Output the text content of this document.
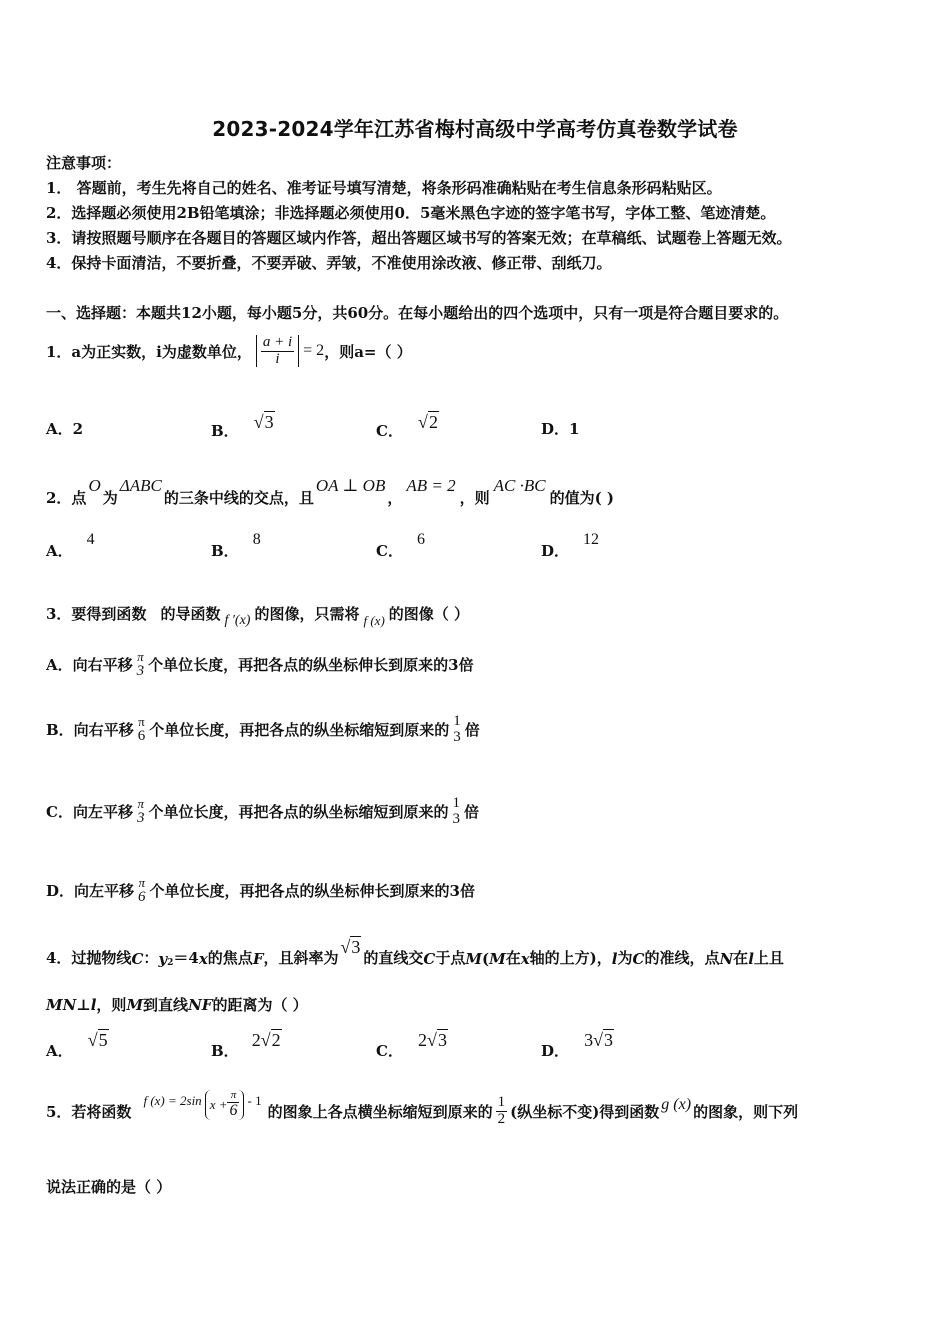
2023-2024学年江苏省梅村高级中学高考仿真卷数学试卷
注意事项：
1． 答题前，考生先将自己的姓名、准考证号填写清楚，将条形码准确粘贴在考生信息条形码粘贴区。
2．选择题必须使用2B铅笔填涂；非选择题必须使用0．5毫米黑色字迹的签字笔书写，字体工整、笔迹清楚。
3．请按照题号顺序在各题目的答题区域内作答，超出答题区域书写的答案无效；在草稿纸、试题卷上答题无效。
4．保持卡面清洁，不要折叠，不要弄破、弄皱，不准使用涂改液、修正带、刮纸刀。
一、选择题：本题共12小题，每小题5分，共60分。在每小题给出的四个选项中，只有一项是符合题目要求的。
1．a为正实数，i为虚数单位， $\frac{a + i}{i} = 2$ ，则a=（ ）
A．2	B． √3	C． √2	D．1
2．点
O
为
ΔABC
的三条中线的交点，且
OA ⊥ OB
，
AB = 2
，则
AC ·BC
的值为( )
A．4
B．8
C．6
D．12
3．要得到函数 的导函数 f ′(x) 的图像，只需将 f (x) 的图像（ ）
A．向右平移 π
3 个单位长度，再把各点的纵坐标伸长到原来的3倍
B．向右平移 π
6 个单位长度，再把各点的纵坐标缩短到原来的
1
3 倍
C．向左平移 π
3 个单位长度，再把各点的纵坐标缩短到原来的
1
3 倍
D．向左平移 π
6 个单位长度，再把各点的纵坐标伸长到原来的3倍
4．过抛物线 C ： $y_2 =4$ x 的焦点 F ，且斜率为
√3
的直线交 C 于点 M ( M 在 x 轴的上方)， l 为 C 的准线，点 N 在 l 上且
MN⊥l，则M到直线NF的距离为（ ）
A． √5
B． 2√2
C． 2√3
D． 3√3
5．若将函数
f (x) = 2sin $x + \frac{\pi}{6} - 1$
的图象上各点横坐标缩短到原来的 $\frac{1}{2}$ (纵坐标不变)得到函数 g (x) 的图象，则下列
说法正确的是（ ）
